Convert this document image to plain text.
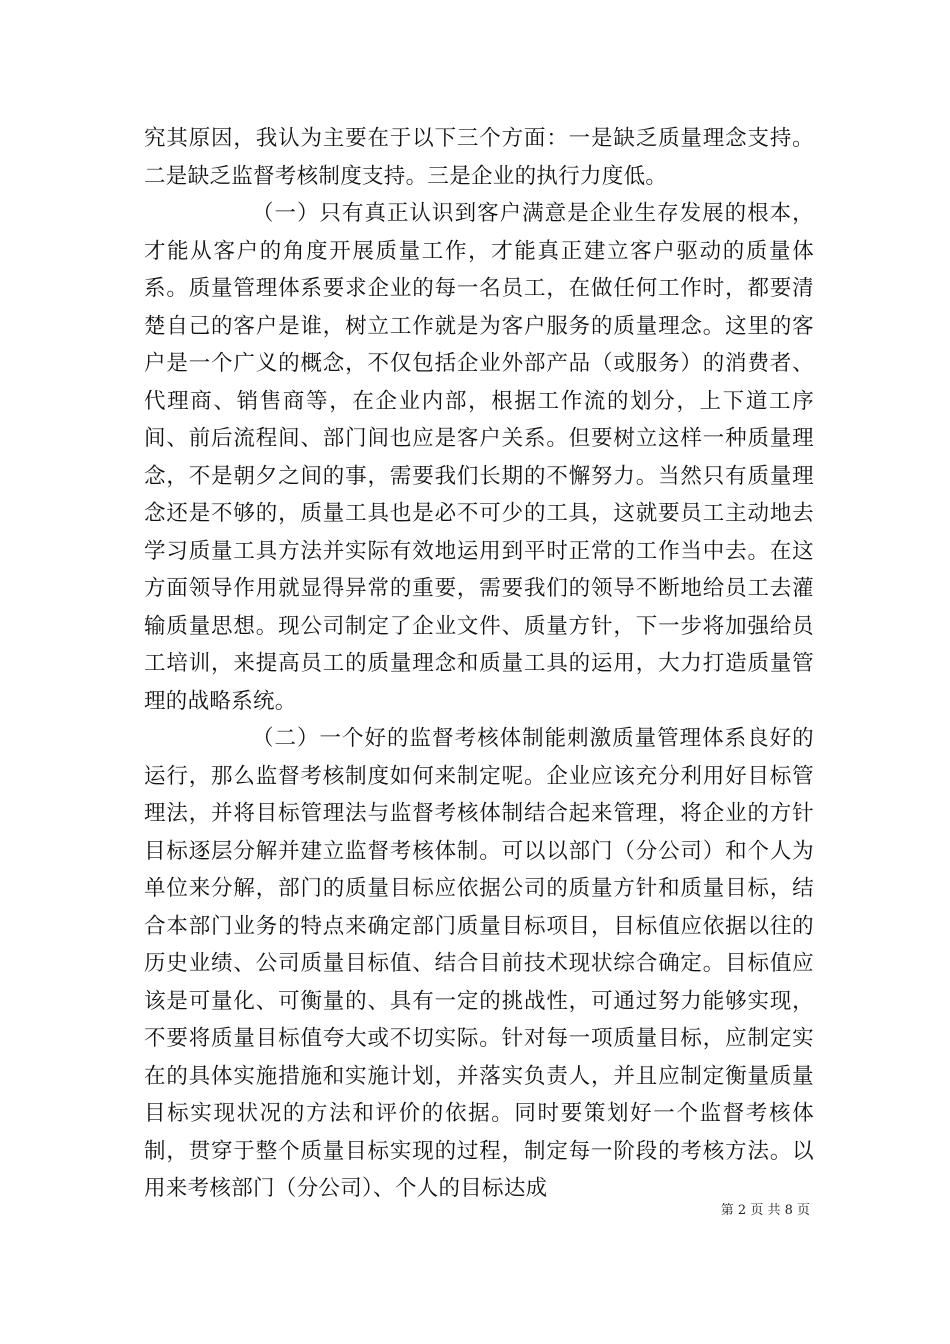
究其原因，我认为主要在于以下三个方面：一是缺乏质量理念支持。二是缺乏监督考核制度支持。三是企业的执行力度低。

（一）只有真正认识到客户满意是企业生存发展的根本，才能从客户的角度开展质量工作，才能真正建立客户驱动的质量体系。质量管理体系要求企业的每一名员工，在做任何工作时，都要清楚自己的客户是谁，树立工作就是为客户服务的质量理念。这里的客户是一个广义的概念，不仅包括企业外部产品（或服务）的消费者、代理商、销售商等，在企业内部，根据工作流的划分，上下道工序间、前后流程间、部门间也应是客户关系。但要树立这样一种质量理念，不是朝夕之间的事，需要我们长期的不懈努力。当然只有质量理念还是不够的，质量工具也是必不可少的工具，这就要员工主动地去学习质量工具方法并实际有效地运用到平时正常的工作当中去。在这方面领导作用就显得异常的重要，需要我们的领导不断地给员工去灌输质量思想。现公司制定了企业文件、质量方针，下一步将加强给员工培训，来提高员工的质量理念和质量工具的运用，大力打造质量管理的战略系统。

（二）一个好的监督考核体制能刺激质量管理体系良好的运行，那么监督考核制度如何来制定呢。企业应该充分利用好目标管理法，并将目标管理法与监督考核体制结合起来管理，将企业的方针目标逐层分解并建立监督考核体制。可以以部门（分公司）和个人为单位来分解，部门的质量目标应依据公司的质量方针和质量目标，结合本部门业务的特点来确定部门质量目标项目，目标值应依据以往的历史业绩、公司质量目标值、结合目前技术现状综合确定。目标值应该是可量化、可衡量的、具有一定的挑战性，可通过努力能够实现，不要将质量目标值夸大或不切实际。针对每一项质量目标，应制定实在的具体实施措施和实施计划，并落实负责人，并且应制定衡量质量目标实现状况的方法和评价的依据。同时要策划好一个监督考核体制，贯穿于整个质量目标实现的过程，制定每一阶段的考核方法。以用来考核部门（分公司）、个人的目标达成

第 2 页 共 8 页
